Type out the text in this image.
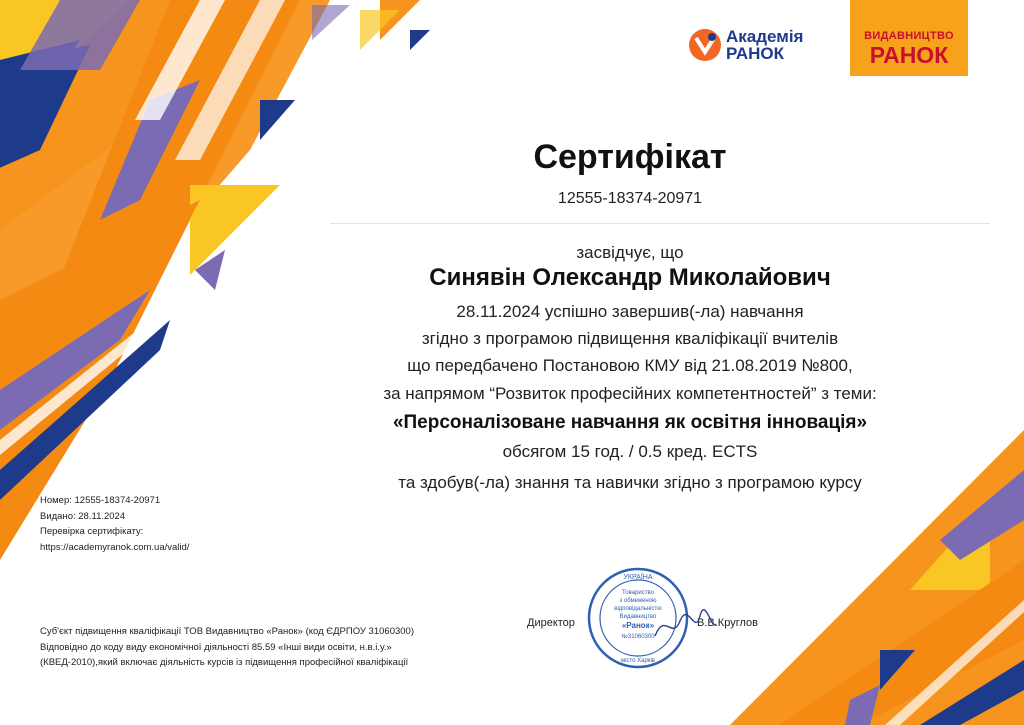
Академія
РАНОК
ВИДАВНИЦТВО
РАНОК
Сертифікат
12555-18374-20971
засвідчує, що
Синявін Олександр Миколайович
28.11.2024 успішно завершив(-ла) навчання
згідно з програмою підвищення кваліфікації вчителів
що передбачено Постановою КМУ від 21.08.2019 №800,
за напрямом “Розвиток професійних компетентностей” з теми:
«Персоналізоване навчання як освітня інновація»
обсягом 15 год. / 0.5 кред. ECTS
та здобув(-ла) знання та навички згідно з програмою курсу
Номер: 12555-18374-20971
Видано: 28.11.2024
Перевірка сертифікату:
https://academyranok.com.ua/valid/
Суб'єкт підвищення кваліфікації ТОВ Видавництво «Ранок» (код ЄДРПОУ 31060300)
Відповідно до коду виду економічної діяльності 85.59 «Інші види освіти, н.в.і.у.»
(КВЕД-2010),який включає діяльність курсів із підвищення професійної кваліфікації
Директор	В.В.Круглов
УКРАЇНА
Товариство
з обмеженою
відповідальністю
Видавництво
«Ранок»
№31060300
місто Харків
